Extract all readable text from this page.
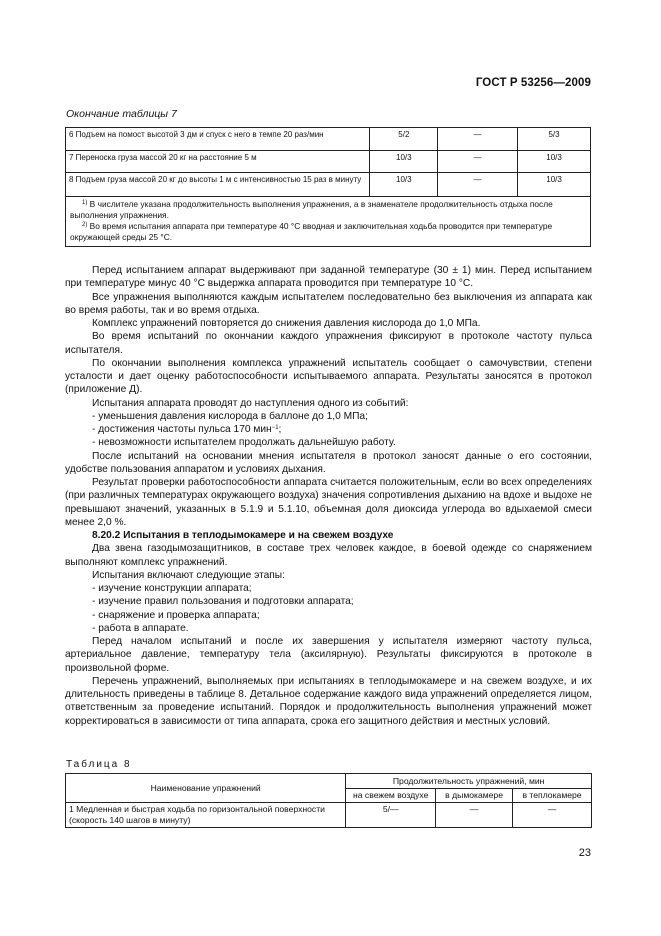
ГОСТ Р 53256—2009
Окончание таблицы 7
6 Подъем на помост высотой 3 дм и спуск с него в темпе 20 раз/мин	5/2	—	5/3
7 Переноска груза массой 20 кг на расстояние 5 м	10/3	—	10/3
8 Подъем груза массой 20 кг до высоты 1 м с интенсивностью 15 раз в минуту	10/3	—	10/3

$^{1)}$ В числителе указана продолжительность выполнения упражнения, а в знаменателе продолжительность отдыха после выполнения упражнения.

$^{2)}$ Во время испытания аппарата при температуре 40 °С вводная и заключительная ходьба проводится при температуре окружающей среды 25 °С.			

Перед испытанием аппарат выдерживают при заданной температуре (30 ± 1) мин. Перед испытанием при температуре минус 40 °С выдержка аппарата проводится при температуре 10 °С.

Все упражнения выполняются каждым испытателем последовательно без выключения из аппарата как во время работы, так и во время отдыха.

Комплекс упражнений повторяется до снижения давления кислорода до 1,0 МПа.

Во время испытаний по окончании каждого упражнения фиксируют в протоколе частоту пульса испытателя.

По окончании выполнения комплекса упражнений испытатель сообщает о самочувствии, степени усталости и дает оценку работоспособности испытываемого аппарата. Результаты заносятся в протокол (приложение Д).

Испытания аппарата проводят до наступления одного из событий:

- уменьшения давления кислорода в баллоне до 1,0 МПа;

- достижения частоты пульса 170 мин$^{-1}$;

- невозможности испытателем продолжать дальнейшую работу.

После испытаний на основании мнения испытателя в протокол заносят данные о его состоянии, удобстве пользования аппаратом и условиях дыхания.

Результат проверки работоспособности аппарата считается положительным, если во всех определениях (при различных температурах окружающего воздуха) значения сопротивления дыханию на вдохе и выдохе не превышают значений, указанных в 5.1.9 и 5.1.10, объемная доля диоксида углерода во вдыхаемой смеси менее 2,0 %.

8.20.2 Испытания в теплодымокамере и на свежем воздухе

Два звена газодымозащитников, в составе трех человек каждое, в боевой одежде со снаряжением выполняют комплекс упражнений.

Испытания включают следующие этапы:

- изучение конструкции аппарата;

- изучение правил пользования и подготовки аппарата;

- снаряжение и проверка аппарата;

- работа в аппарате.

Перед началом испытаний и после их завершения у испытателя измеряют частоту пульса, артериальное давление, температуру тела (аксилярную). Результаты фиксируются в протоколе в произвольной форме.

Перечень упражнений, выполняемых при испытаниях в теплодымокамере и на свежем воздухе, и их длительность приведены в таблице 8. Детальное содержание каждого вида упражнений определяется лицом, ответственным за проведение испытаний. Порядок и продолжительность выполнения упражнений может корректироваться в зависимости от типа аппарата, срока его защитного действия и местных условий.

Таблица 8
Наименование упражнений	Продолжительность упражнений, мин		
	на свежем воздухе	в дымокамере	в теплокамере
1 Медленная и быстрая ходьба по горизонтальной поверхности (скорость 140 шагов в минуту)	5/—	—	—
23
